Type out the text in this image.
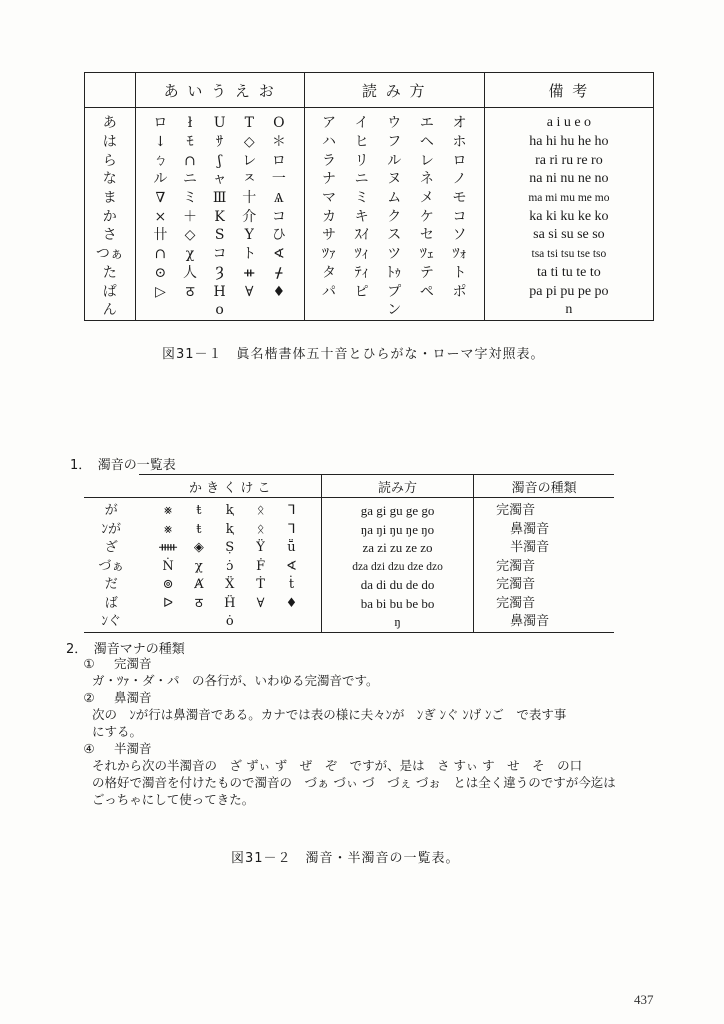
	あ い う え お	読 み 方	備 考
あ	ロ ł U T O	ア イ ウ エ オ	a i u e o
は	↓ ﾓ ｻ ◇ ＊	ハ ヒ フ ヘ ホ	ha hi hu he ho
ら	ㄅ ∩ ʃ レ ロ	ラ リ ル レ ロ	ra ri ru re ro
な	ル ニ ャ ㅈ 一	ナ ニ ヌ ネ ノ	na ni nu ne no
ま	∇ ミ Ⅲ 十 Ѧ	マ ミ ム メ モ	ma mi mu me mo
か	× ＋ K 介 コ	カ キ ク ケ コ	ka ki ku ke ko
さ	卄 ◇ S Y ひ	サ ｽｲ ス セ ソ	sa si su se so
つぁ	∩ χ コ ト ∢	ﾂｧ ﾂｨ ツ ﾂｪ ﾂｫ	tsa tsi tsu tse tso
た	⊙ 人 Ȝ ᚑ ᚋ	タ ﾃｨ ﾄｩ テ ト	ta ti tu te to
ぱ	▷ ठ H ∀ ♦	パ ピ プ ペ ポ	pa pi pu pe po
ん	o	ン	n
図31－１　眞名楷書体五十音とひらがな・ローマ字対照表。
1．　濁音の一覧表
	か き く け こ	読み方	濁音の種類
が	⨳ ŧ ⱪ ᛟ ᒣ	ga gi gu ge go	完濁音
ﾝが	⨳ ŧ ⱪ ᛟ ᒣ	ŋa ŋi ŋu ŋe ŋo	鼻濁音
ざ	ᚔ ◈ Ṣ Ÿ ṻ	za zi zu ze zo	半濁音
づぁ	Ṅ χ ɔ̇ Ḟ ∢	dza dzi dzu dze dzo	完濁音
だ	⊚ Ⱥ Ẍ Ṫ ṫ	da di du de do	完濁音
ば	ᐅ ठ Ḧ ∀ ♦	ba bi bu be bo	完濁音
ﾝぐ	ȯ	ŋ	鼻濁音
2．　濁音マナの種類
① 完濁音
ガ・ﾂｧ・ダ・パ　の各行が、いわゆる完濁音です。
② 鼻濁音
次の　ﾝが行は鼻濁音である。カナでは表の様に夫々ﾝが　ﾝぎ ﾝぐ ﾝげ ﾝご　で表す事
にする。
④ 半濁音
それから次の半濁音の　ざ ずぃ ず　ぜ　ぞ　ですが、是は　さ すぃ す　せ　そ　の口
の格好で濁音を付けたもので濁音の　づぁ づぃ づ　づぇ づぉ　とは全く違うのですが今迄は
ごっちゃにして使ってきた。
図31－２　濁音・半濁音の一覧表。
437
